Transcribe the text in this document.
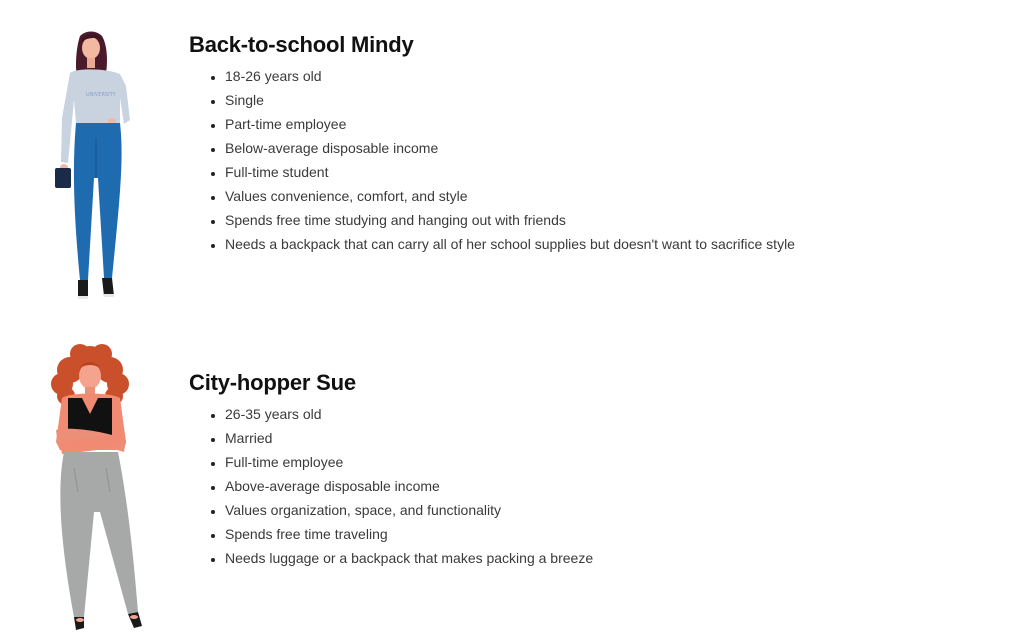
UNIVERSITY
Back-to-school Mindy
• 18-26 years old
• Single
• Part-time employee
• Below-average disposable income
• Full-time student
• Values convenience, comfort, and style
• Spends free time studying and hanging out with friends
• Needs a backpack that can carry all of her school supplies but doesn't want to sacrifice style
City-hopper Sue
• 26-35 years old
• Married
• Full-time employee
• Above-average disposable income
• Values organization, space, and functionality
• Spends free time traveling
• Needs luggage or a backpack that makes packing a breeze
